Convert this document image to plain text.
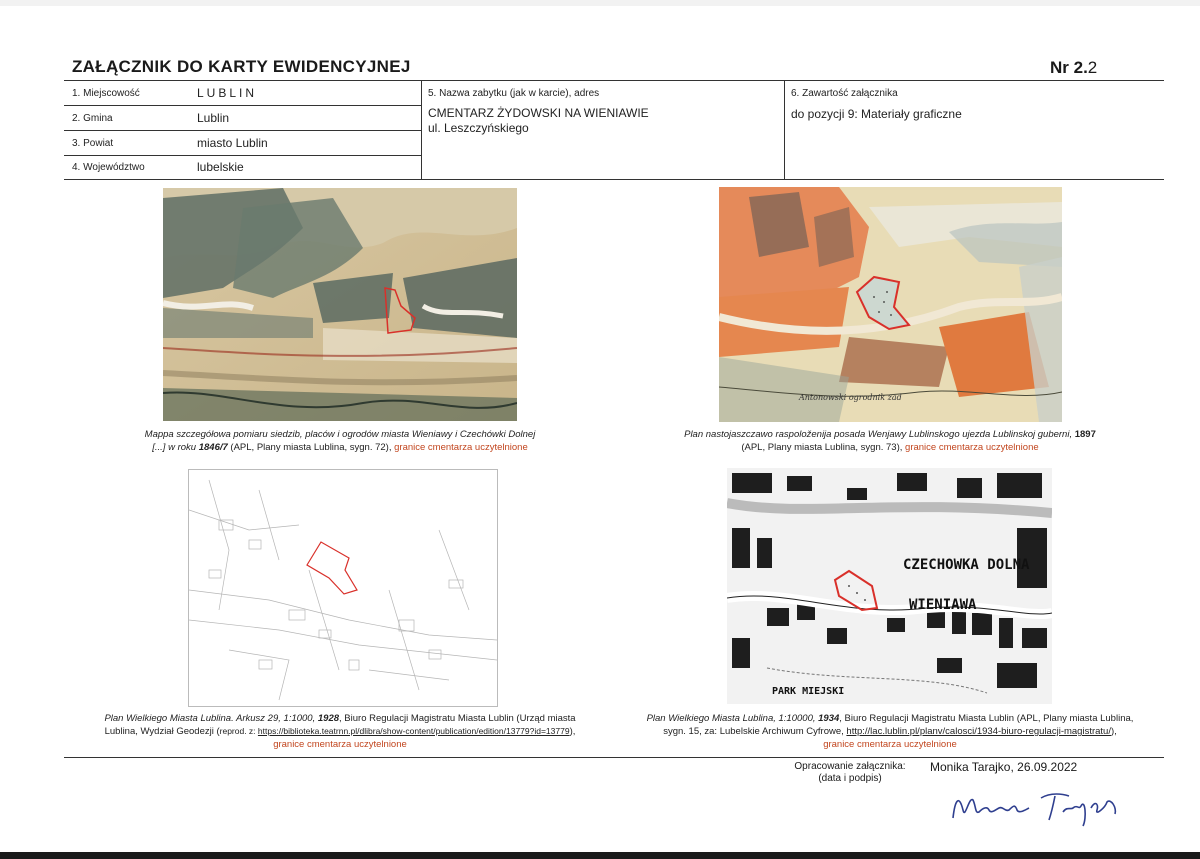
ZAŁĄCZNIK DO KARTY EWIDENCYJNEJ	Nr 2.2
1. Miejscowość	LUBLIN
2. Gmina	Lublin
3. Powiat	miasto Lublin
4. Województwo	lubelskie
5. Nazwa zabytku (jak w karcie), adres
CMENTARZ ŻYDOWSKI NA WIENIAWIE
ul. Leszczyńskiego
6. Zawartość załącznika
do pozycji 9: Materiały graficzne
Mappa szczegółowa pomiaru siedzib, placów i ogrodów miasta Wieniawy i Czechówki Dolnej
[...] w roku 1846/7 (APL, Plany miasta Lublina, sygn. 72), granice cmentarza uczytelnione
Antonowski ogrodnik zad
Plan nastojaszczawo raspoloženija posada Wenjawy Lublinskogo ujezda Lublinskoj guberni, 1897
(APL, Plany miasta Lublina, sygn. 73), granice cmentarza uczytelnione
Plan Wielkiego Miasta Lublina. Arkusz 29, 1:1000, 1928, Biuro Regulacji Magistratu Miasta Lublin (Urząd miasta
Lublina, Wydział Geodezji (reprod. z: https://biblioteka.teatrnn.pl/dlibra/show-content/publication/edition/13779?id=13779),
granice cmentarza uczytelnione
CZECHOWKA DOLNA
WIENIAWA
PARK MIEJSKI
Plan Wielkiego Miasta Lublina, 1:10000, 1934, Biuro Regulacji Magistratu Miasta Lublin (APL, Plany miasta Lublina,
sygn. 15, za: Lubelskie Archiwum Cyfrowe, http://lac.lublin.pl/planv/calosci/1934-biuro-regulacji-magistratu/),
granice cmentarza uczytelnione
Opracowanie załącznika:
(data i podpis)
Monika Tarajko, 26.09.2022
